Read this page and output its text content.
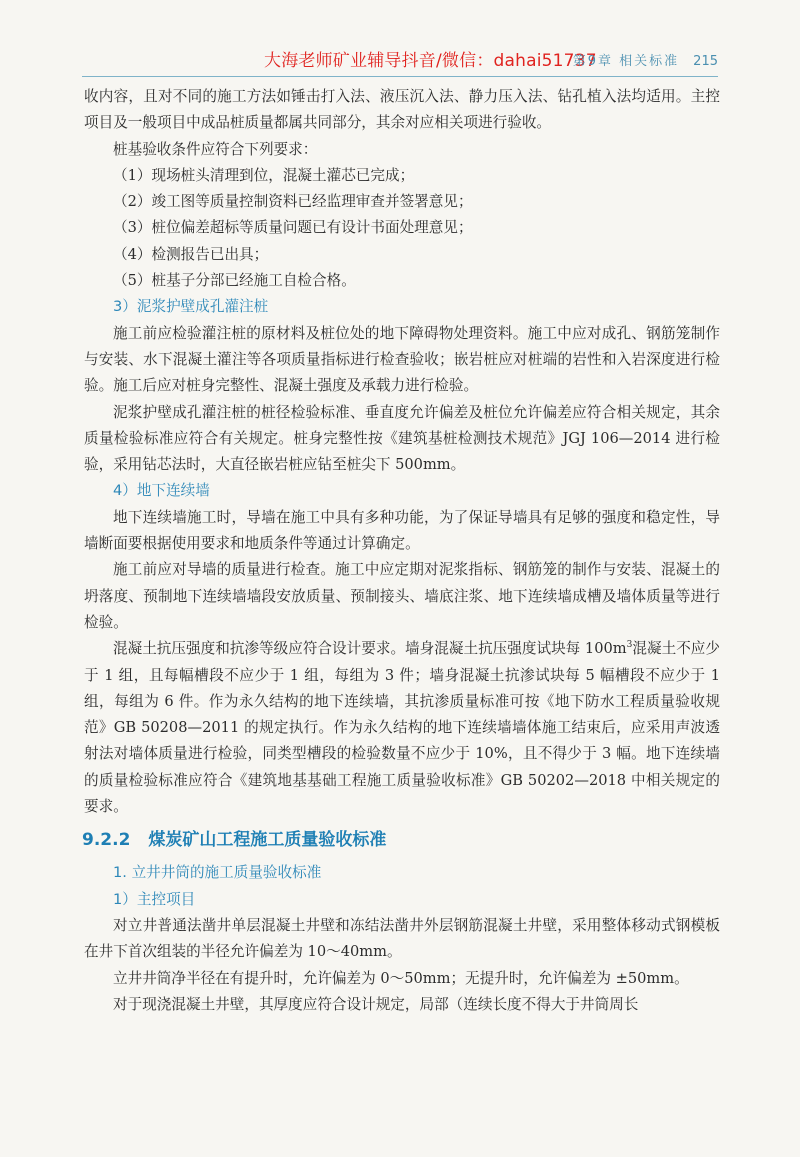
大海老师矿业辅导抖音/微信：dahai51737
第9章 相关标准 215

收内容，且对不同的施工方法如锤击打入法、液压沉入法、静力压入法、钻孔植入法均适用。主控项目及一般项目中成品桩质量都属共同部分，其余对应相关项进行验收。

桩基验收条件应符合下列要求：

（1）现场桩头清理到位，混凝土灌芯已完成；

（2）竣工图等质量控制资料已经监理审查并签署意见；

（3）桩位偏差超标等质量问题已有设计书面处理意见；

（4）检测报告已出具；

（5）桩基子分部已经施工自检合格。

3）泥浆护壁成孔灌注桩

施工前应检验灌注桩的原材料及桩位处的地下障碍物处理资料。施工中应对成孔、钢筋笼制作与安装、水下混凝土灌注等各项质量指标进行检查验收；嵌岩桩应对桩端的岩性和入岩深度进行检验。施工后应对桩身完整性、混凝土强度及承载力进行检验。

泥浆护壁成孔灌注桩的桩径检验标准、垂直度允许偏差及桩位允许偏差应符合相关规定，其余质量检验标准应符合有关规定。桩身完整性按《建筑基桩检测技术规范》JGJ 106—2014 进行检验，采用钻芯法时，大直径嵌岩桩应钻至桩尖下 500mm。

4）地下连续墙

地下连续墙施工时，导墙在施工中具有多种功能，为了保证导墙具有足够的强度和稳定性，导墙断面要根据使用要求和地质条件等通过计算确定。

施工前应对导墙的质量进行检查。施工中应定期对泥浆指标、钢筋笼的制作与安装、混凝土的坍落度、预制地下连续墙墙段安放质量、预制接头、墙底注浆、地下连续墙成槽及墙体质量等进行检验。

混凝土抗压强度和抗渗等级应符合设计要求。墙身混凝土抗压强度试块每 $100m^3$混凝土不应少于 1 组，且每幅槽段不应少于 1 组，每组为 3 件；墙身混凝土抗渗试块每 5 幅槽段不应少于 1 组，每组为 6 件。作为永久结构的地下连续墙，其抗渗质量标准可按《地下防水工程质量验收规范》GB 50208—2011 的规定执行。作为永久结构的地下连续墙墙体施工结束后，应采用声波透射法对墙体质量进行检验，同类型槽段的检验数量不应少于 10%，且不得少于 3 幅。地下连续墙的质量检验标准应符合《建筑地基基础工程施工质量验收标准》GB 50202—2018 中相关规定的要求。

9.2.2 煤炭矿山工程施工质量验收标准
1. 立井井筒的施工质量验收标准
1）主控项目

对立井普通法凿井单层混凝土井壁和冻结法凿井外层钢筋混凝土井壁，采用整体移动式钢模板在井下首次组装的半径允许偏差为 10～40mm。

立井井筒净半径在有提升时，允许偏差为 0～50mm；无提升时，允许偏差为 ±50mm。

对于现浇混凝土井壁，其厚度应符合设计规定，局部（连续长度不得大于井筒周长
